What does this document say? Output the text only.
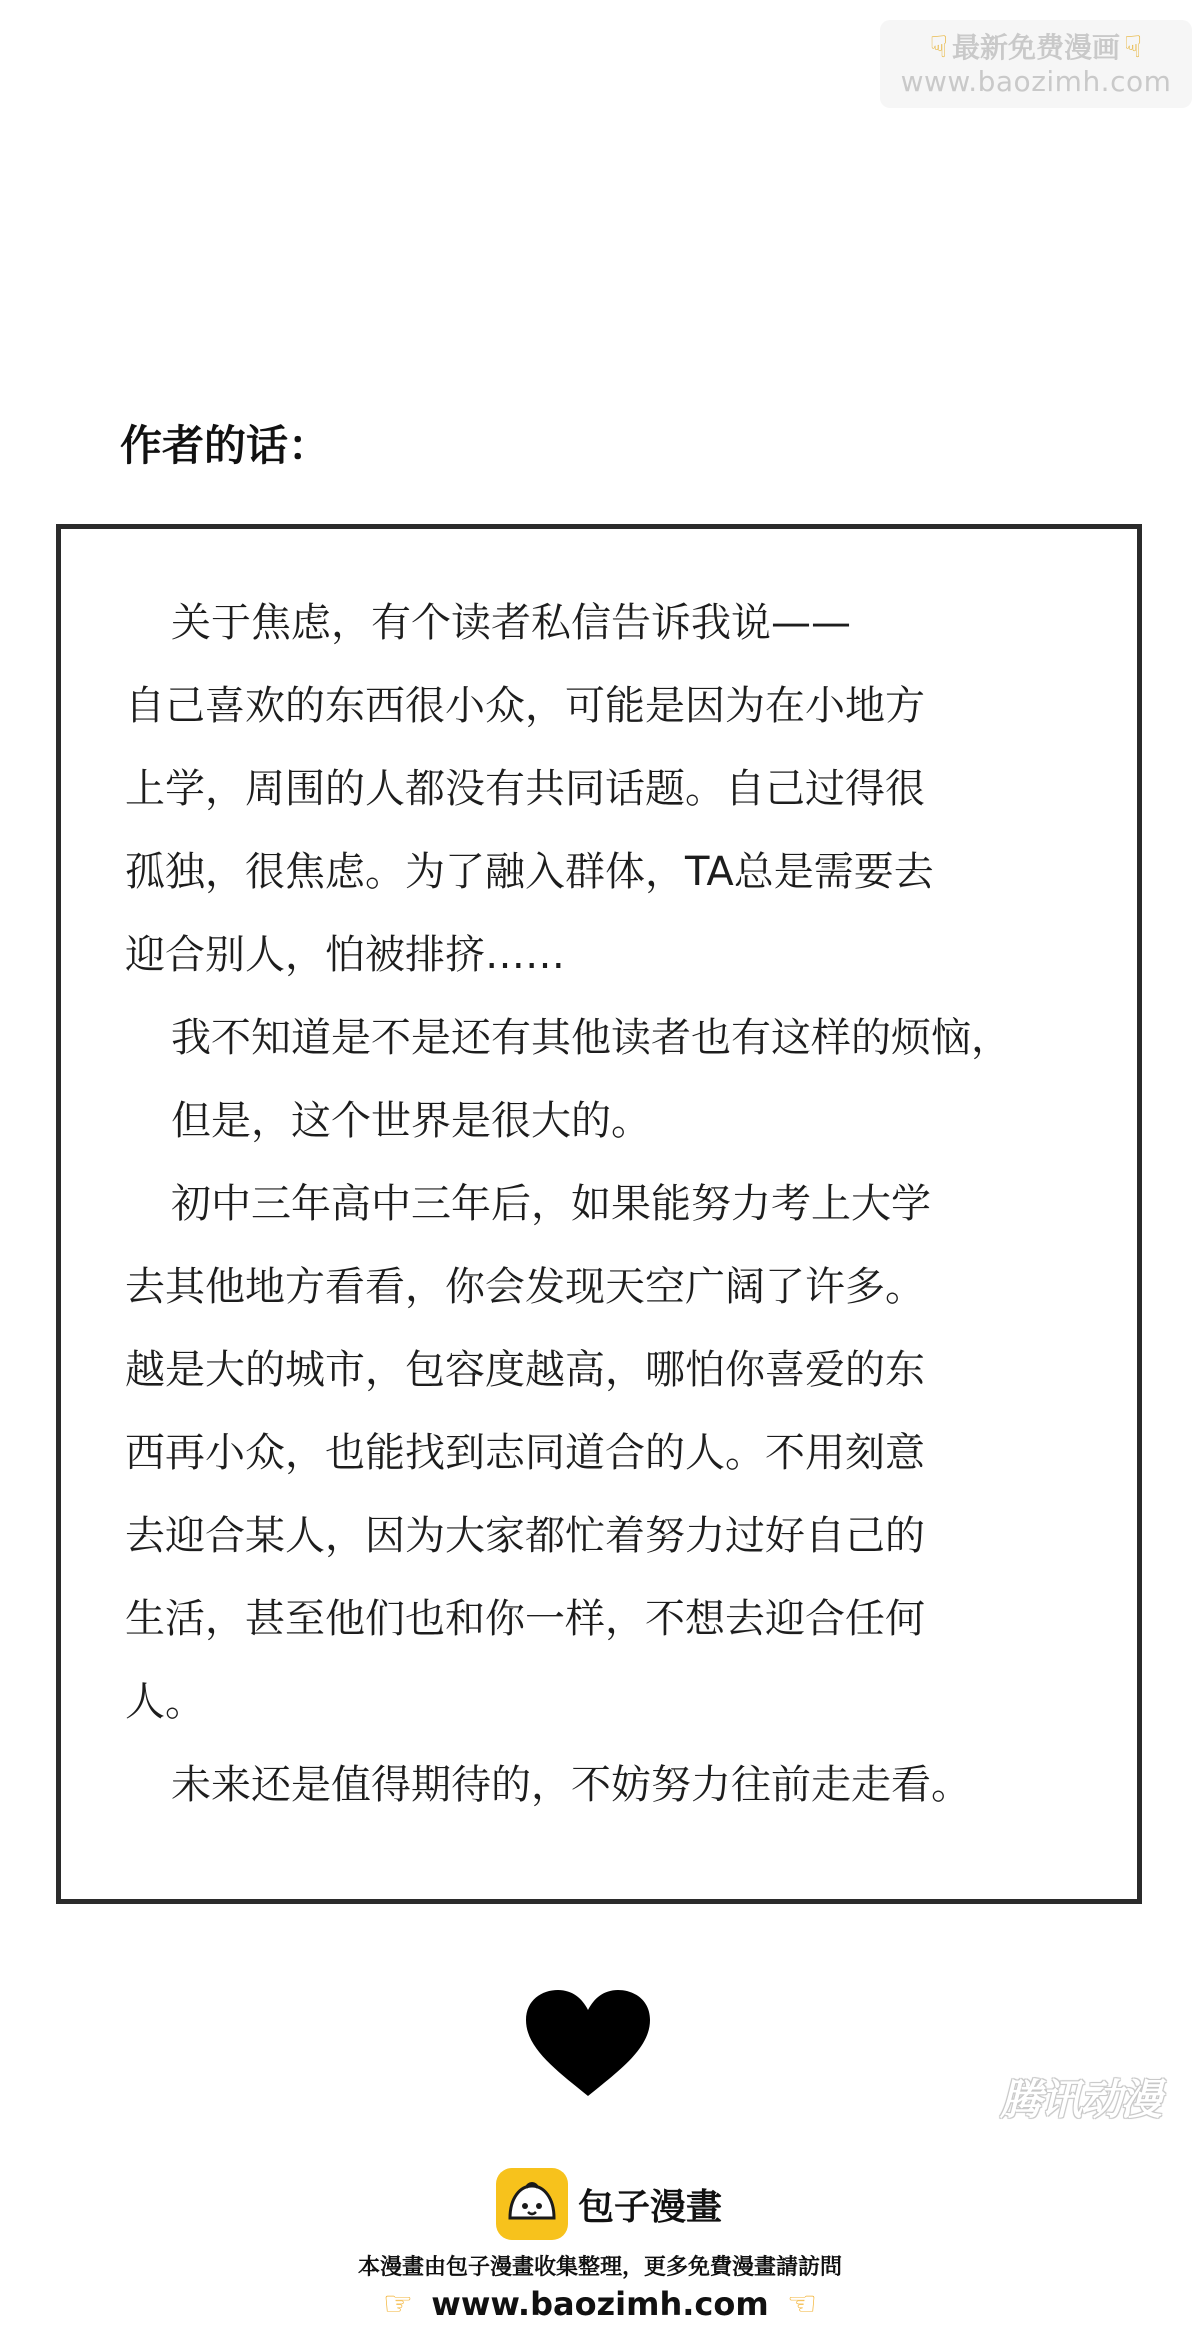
☟ 最新免费漫画 ☟
www.baozimh.com
作者的话：
关于焦虑，有个读者私信告诉我说——
自己喜欢的东西很小众，可能是因为在小地方
上学，周围的人都没有共同话题。自己过得很
孤独，很焦虑。为了融入群体，TA总是需要去
迎合别人，怕被排挤……
我不知道是不是还有其他读者也有这样的烦恼，
但是，这个世界是很大的。
初中三年高中三年后，如果能努力考上大学
去其他地方看看，你会发现天空广阔了许多。
越是大的城市，包容度越高，哪怕你喜爱的东
西再小众，也能找到志同道合的人。不用刻意
去迎合某人，因为大家都忙着努力过好自己的
生活，甚至他们也和你一样，不想去迎合任何
人。
未来还是值得期待的，不妨努力往前走走看。
腾讯动漫
包子漫畫
本漫畫由包子漫畫收集整理，更多免費漫畫請訪問
☞ www.baozimh.com ☜
